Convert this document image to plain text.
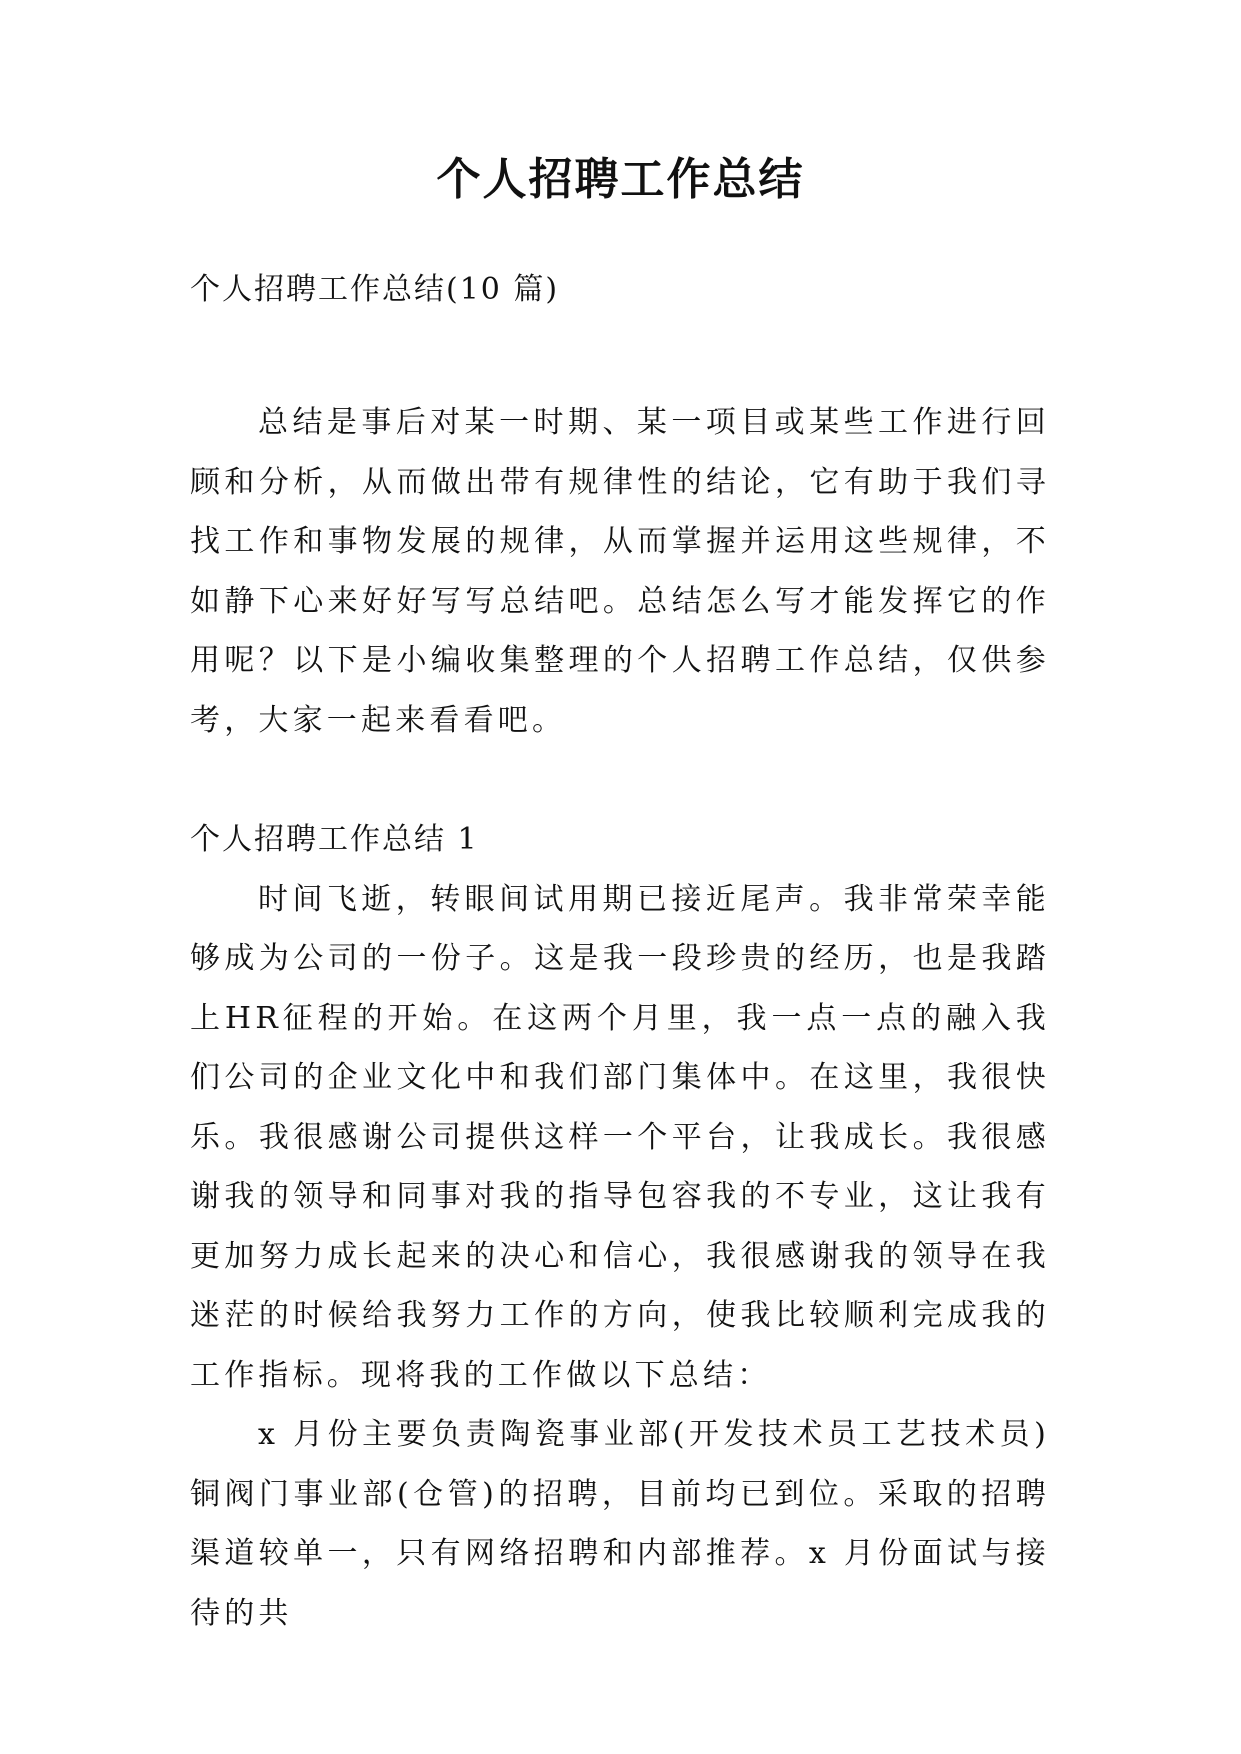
个人招聘工作总结

个人招聘工作总结(10 篇)

总结是事后对某一时期、某一项目或某些工作进行回顾和分析，从而做出带有规律性的结论，它有助于我们寻找工作和事物发展的规律，从而掌握并运用这些规律，不如静下心来好好写写总结吧。总结怎么写才能发挥它的作用呢？以下是小编收集整理的个人招聘工作总结，仅供参考，大家一起来看看吧。

个人招聘工作总结 1

时间飞逝，转眼间试用期已接近尾声。我非常荣幸能够成为公司的一份子。这是我一段珍贵的经历，也是我踏上HR征程的开始。在这两个月里，我一点一点的融入我们公司的企业文化中和我们部门集体中。在这里，我很快乐。我很感谢公司提供这样一个平台，让我成长。我很感谢我的领导和同事对我的指导包容我的不专业，这让我有更加努力成长起来的决心和信心，我很感谢我的领导在我迷茫的时候给我努力工作的方向，使我比较顺利完成我的工作指标。现将我的工作做以下总结：

x 月份主要负责陶瓷事业部(开发技术员工艺技术员)铜阀门事业部(仓管)的招聘，目前均已到位。采取的招聘渠道较单一，只有网络招聘和内部推荐。x 月份面试与接待的共
